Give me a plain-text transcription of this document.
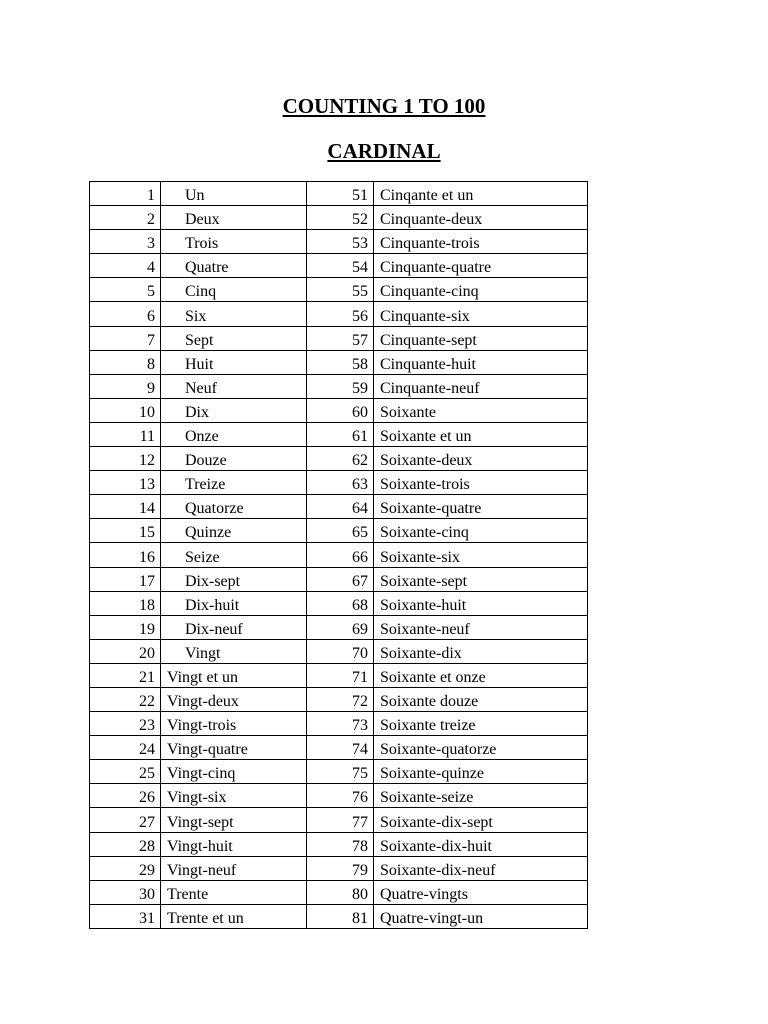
COUNTING 1 TO 100
CARDINAL
1	Un	51	Cinqante et un
2	Deux	52	Cinquante-deux
3	Trois	53	Cinquante-trois
4	Quatre	54	Cinquante-quatre
5	Cinq	55	Cinquante-cinq
6	Six	56	Cinquante-six
7	Sept	57	Cinquante-sept
8	Huit	58	Cinquante-huit
9	Neuf	59	Cinquante-neuf
10	Dix	60	Soixante
11	Onze	61	Soixante et un
12	Douze	62	Soixante-deux
13	Treize	63	Soixante-trois
14	Quatorze	64	Soixante-quatre
15	Quinze	65	Soixante-cinq
16	Seize	66	Soixante-six
17	Dix-sept	67	Soixante-sept
18	Dix-huit	68	Soixante-huit
19	Dix-neuf	69	Soixante-neuf
20	Vingt	70	Soixante-dix
21	Vingt et un	71	Soixante et onze
22	Vingt-deux	72	Soixante douze
23	Vingt-trois	73	Soixante treize
24	Vingt-quatre	74	Soixante-quatorze
25	Vingt-cinq	75	Soixante-quinze
26	Vingt-six	76	Soixante-seize
27	Vingt-sept	77	Soixante-dix-sept
28	Vingt-huit	78	Soixante-dix-huit
29	Vingt-neuf	79	Soixante-dix-neuf
30	Trente	80	Quatre-vingts
31	Trente et un	81	Quatre-vingt-un
